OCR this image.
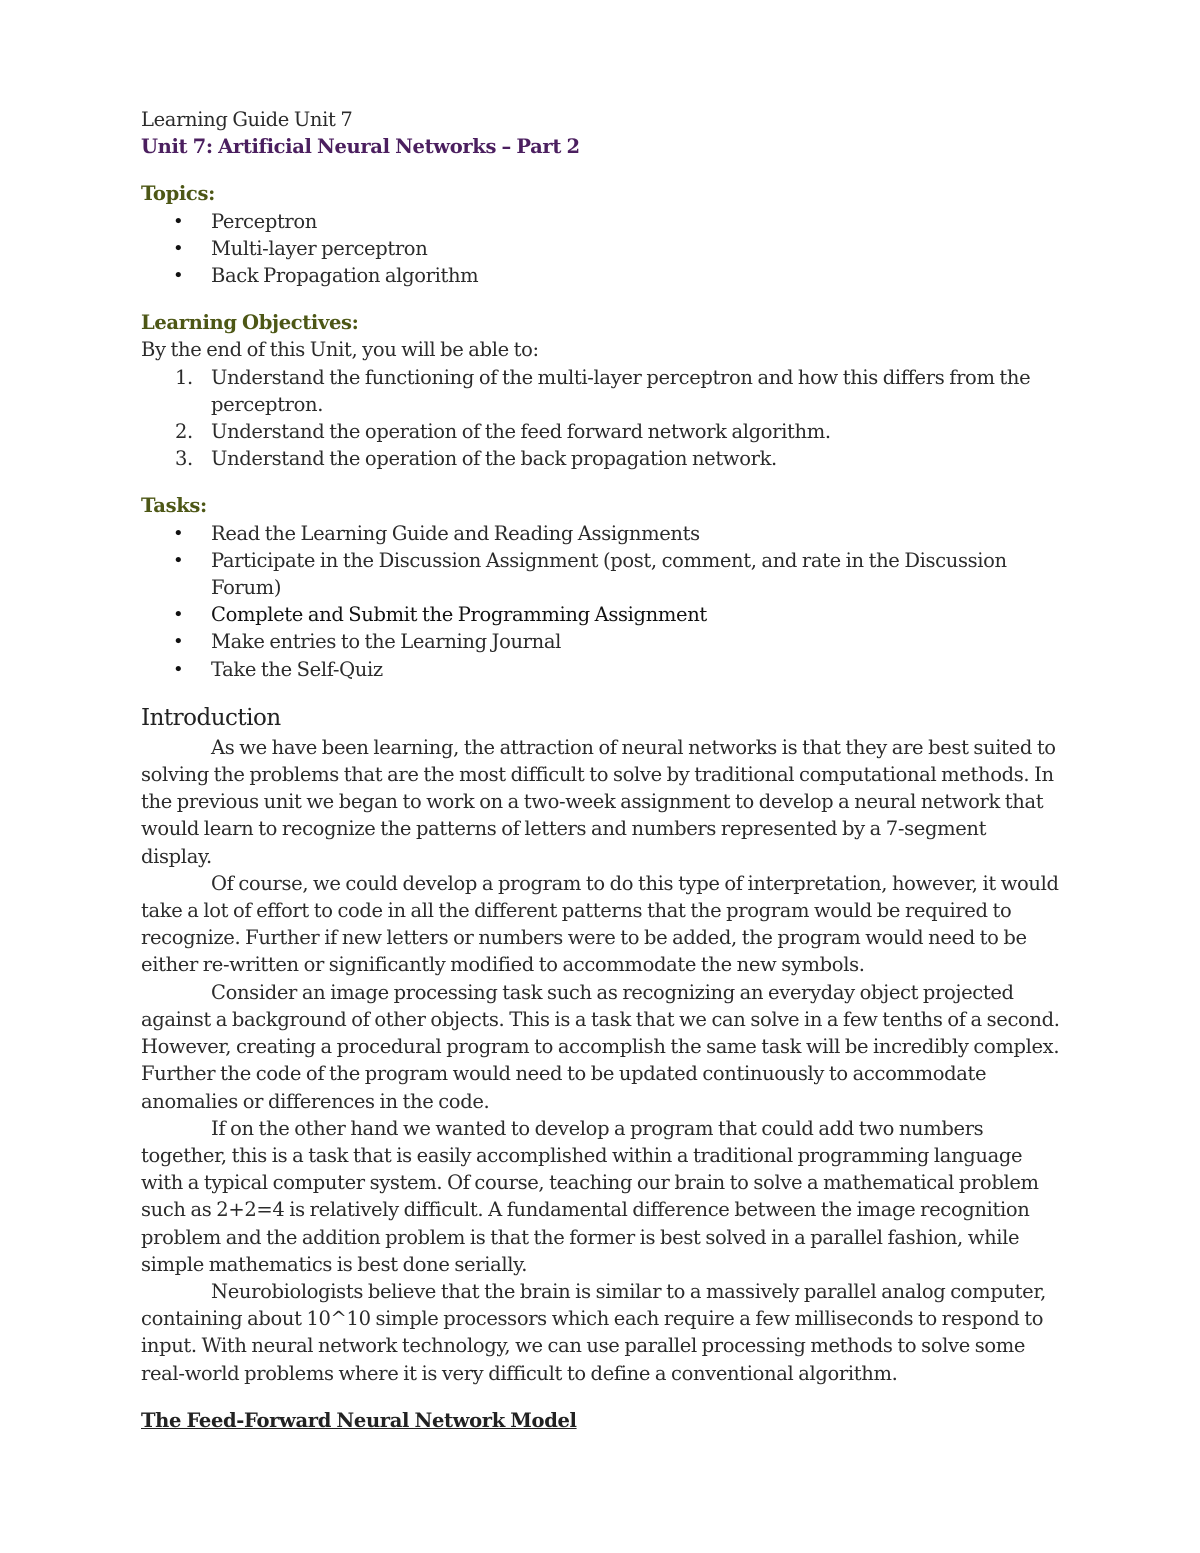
Learning Guide Unit 7

Unit 7: Artificial Neural Networks – Part 2

Topics:

• Perceptron
• Multi-layer perceptron
• Back Propagation algorithm

Learning Objectives:

By the end of this Unit, you will be able to:

1. Understand the functioning of the multi-layer perceptron and how this differs from the perceptron.
2. Understand the operation of the feed forward network algorithm.
3. Understand the operation of the back propagation network.

Tasks:

• Read the Learning Guide and Reading Assignments
• Participate in the Discussion Assignment (post, comment, and rate in the Discussion Forum)
• Complete and Submit the Programming Assignment
• Make entries to the Learning Journal
• Take the Self-Quiz
Introduction

As we have been learning, the attraction of neural networks is that they are best suited to solving the problems that are the most difficult to solve by traditional computational methods. In the previous unit we began to work on a two-week assignment to develop a neural network that would learn to recognize the patterns of letters and numbers represented by a 7-segment display.

Of course, we could develop a program to do this type of interpretation, however, it would take a lot of effort to code in all the different patterns that the program would be required to recognize. Further if new letters or numbers were to be added, the program would need to be either re-written or significantly modified to accommodate the new symbols.

Consider an image processing task such as recognizing an everyday object projected against a background of other objects. This is a task that we can solve in a few tenths of a second. However, creating a procedural program to accomplish the same task will be incredibly complex. Further the code of the program would need to be updated continuously to accommodate anomalies or differences in the code.

If on the other hand we wanted to develop a program that could add two numbers together, this is a task that is easily accomplished within a traditional programming language with a typical computer system. Of course, teaching our brain to solve a mathematical problem such as 2+2=4 is relatively difficult. A fundamental difference between the image recognition problem and the addition problem is that the former is best solved in a parallel fashion, while simple mathematics is best done serially.

Neurobiologists believe that the brain is similar to a massively parallel analog computer, containing about 10^10 simple processors which each require a few milliseconds to respond to input. With neural network technology, we can use parallel processing methods to solve some real-world problems where it is very difficult to define a conventional algorithm.

The Feed-Forward Neural Network Model
